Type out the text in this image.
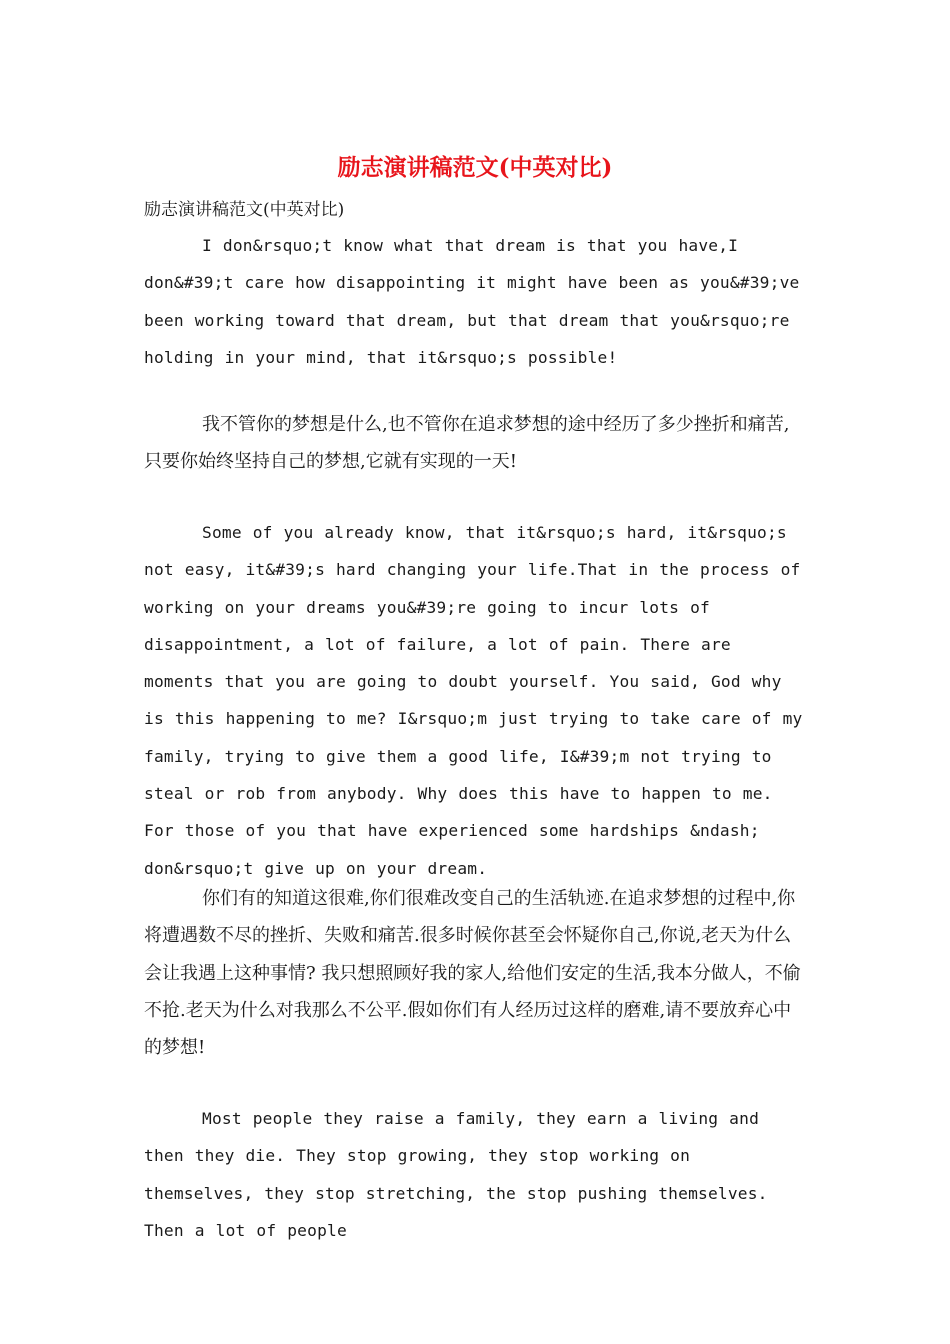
励志演讲稿范文(中英对比)

励志演讲稿范文(中英对比)

I don&rsquo;t know what that dream is that you have,I don&#39;t care how disappointing it might have been as you&#39;ve been working toward that dream, but that dream that you&rsquo;re holding in your mind, that it&rsquo;s possible!

我不管你的梦想是什么,也不管你在追求梦想的途中经历了多少挫折和痛苦,只要你始终坚持自己的梦想,它就有实现的一天!

Some of you already know, that it&rsquo;s hard, it&rsquo;s not easy, it&#39;s hard changing your life.That in the process of working on your dreams you&#39;re going to incur lots of disappointment, a lot of failure, a lot of pain. There are moments that you are going to doubt yourself. You said, God why is this happening to me? I&rsquo;m just trying to take care of my family, trying to give them a good life, I&#39;m not trying to steal or rob from anybody. Why does this have to happen to me. For those of you that have experienced some hardships &ndash; don&rsquo;t give up on your dream.

你们有的知道这很难,你们很难改变自己的生活轨迹.在追求梦想的过程中,你将遭遇数不尽的挫折、失败和痛苦.很多时候你甚至会怀疑你自己,你说,老天为什么会让我遇上这种事情? 我只想照顾好我的家人,给他们安定的生活,我本分做人，不偷不抢.老天为什么对我那么不公平.假如你们有人经历过这样的磨难,请不要放弃心中的梦想!

Most people they raise a family, they earn a living and then they die. They stop growing, they stop working on themselves, they stop stretching, the stop pushing themselves. Then a lot of people
